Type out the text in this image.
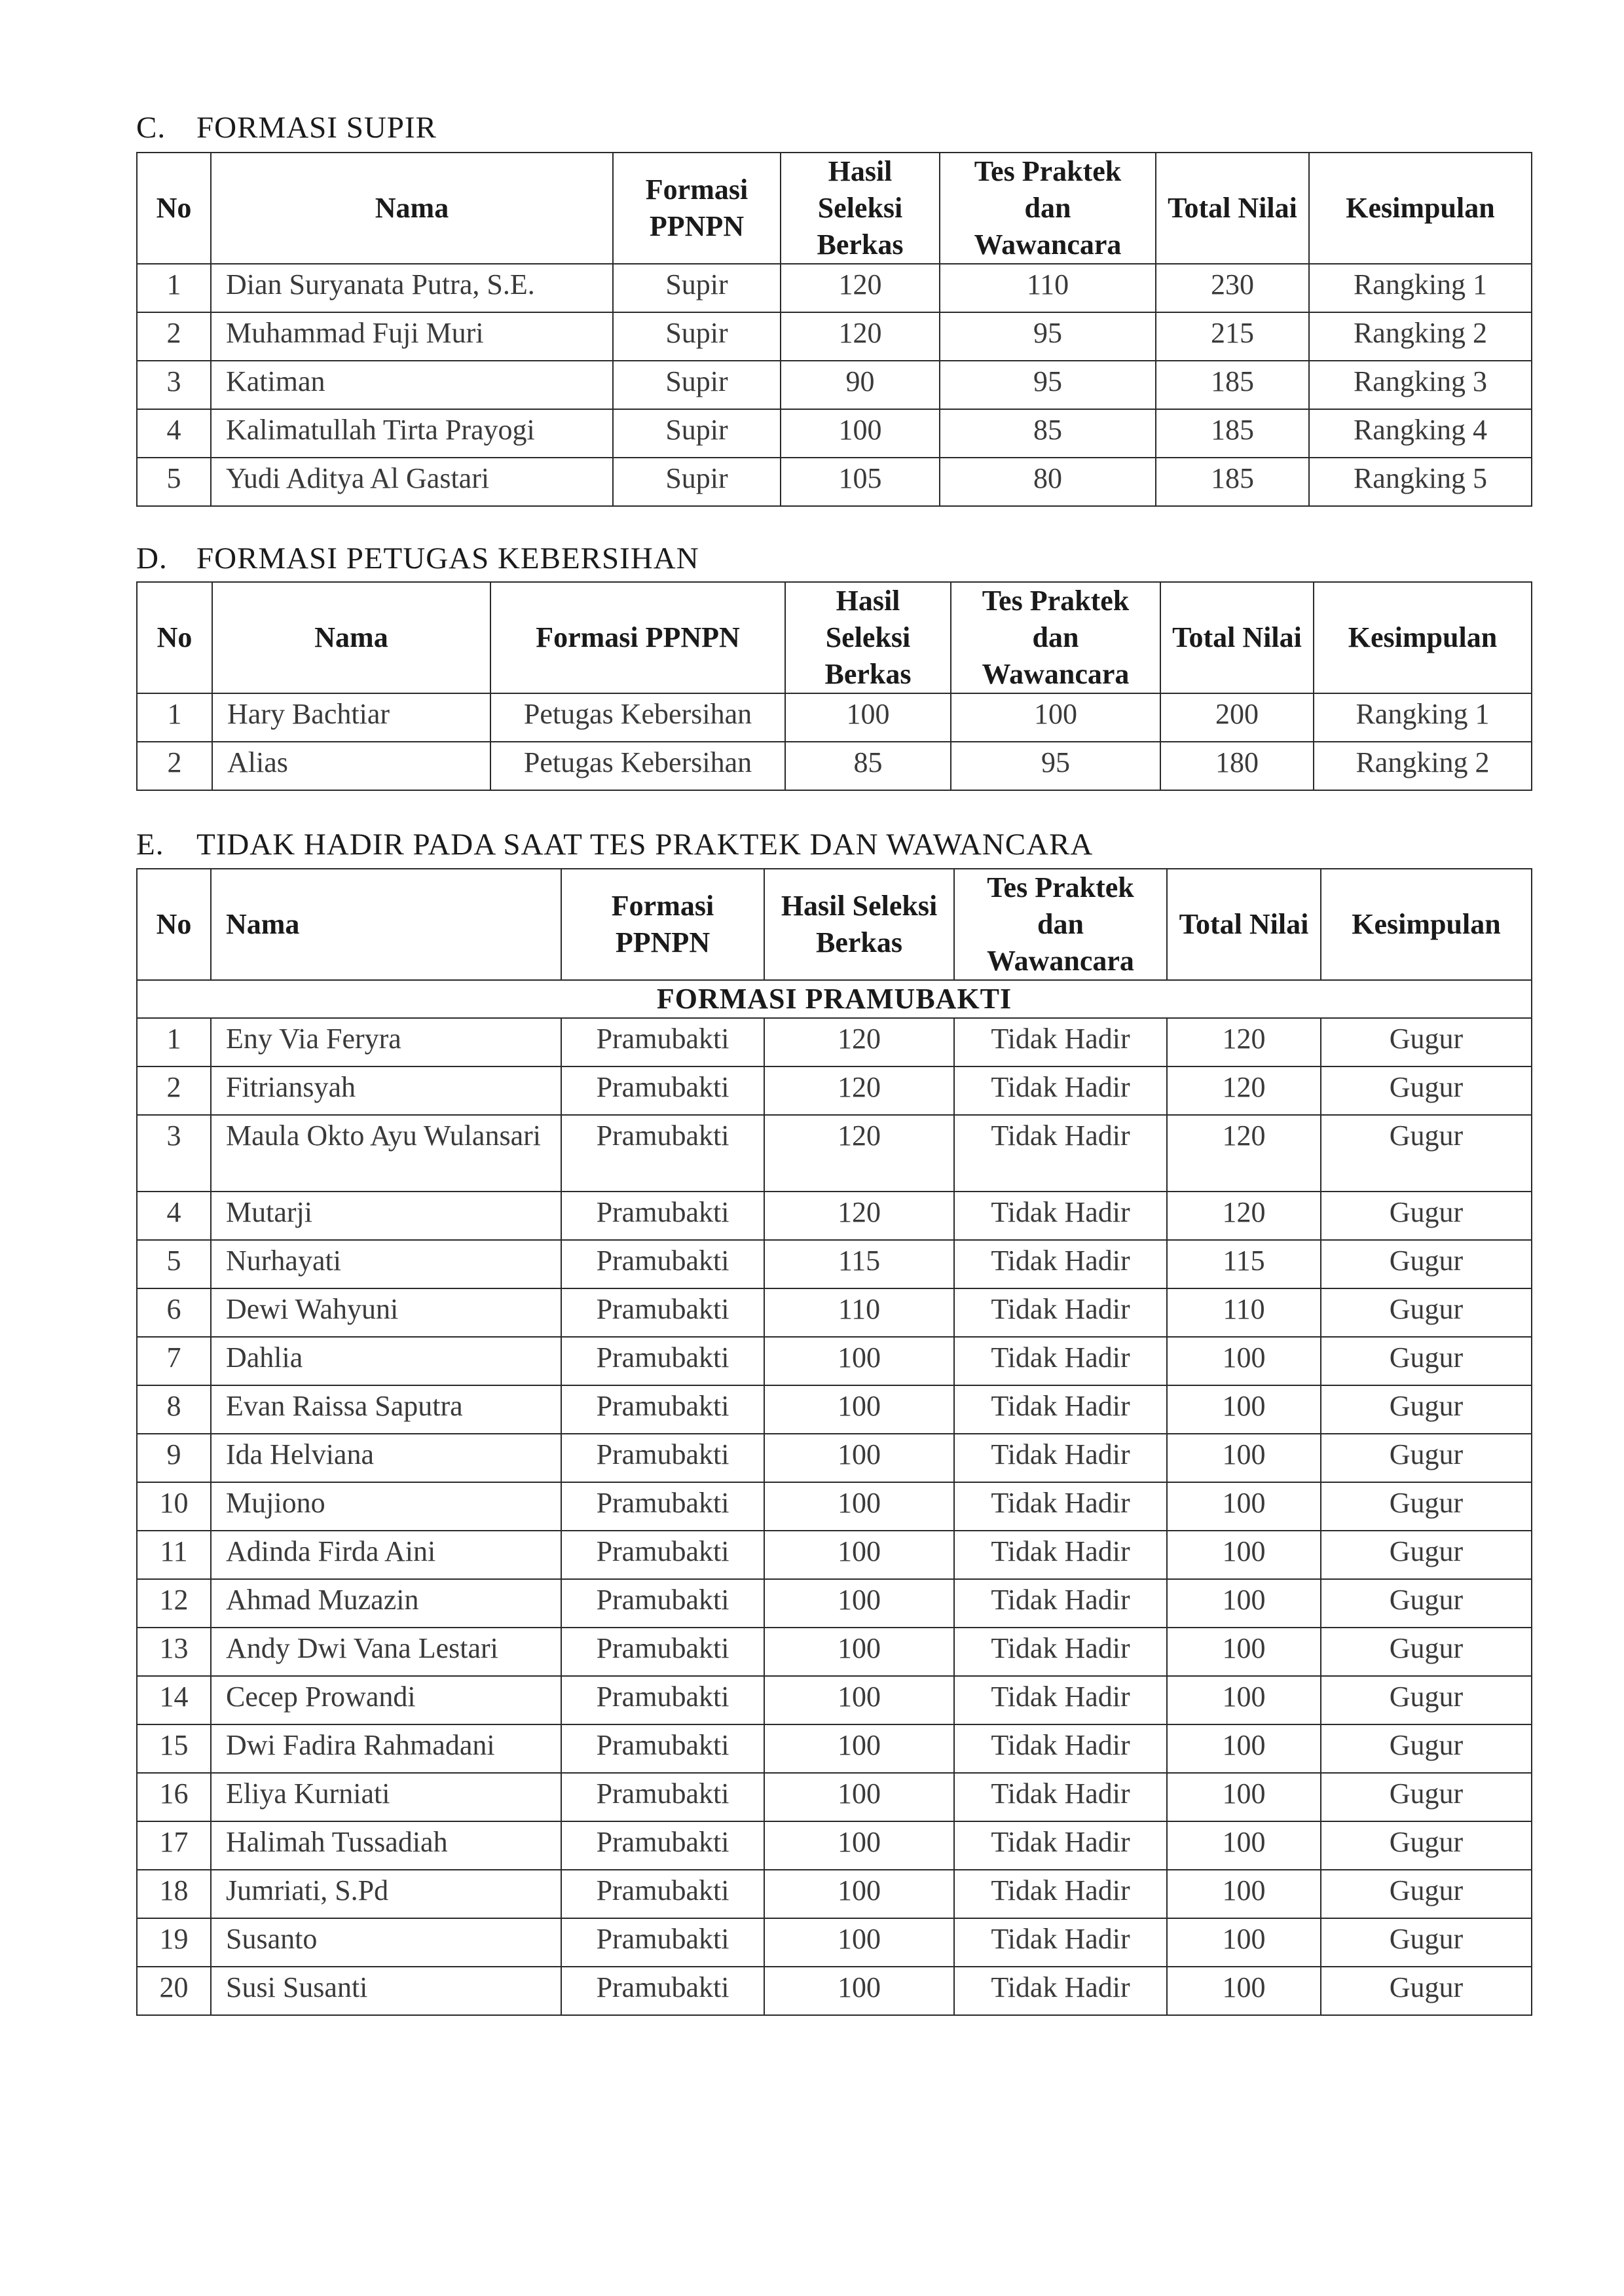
C. FORMASI SUPIR
No	Nama	Formasi PPNPN	Hasil Seleksi Berkas	Tes Praktek dan Wawancara	Total Nilai	Kesimpulan
1	Dian Suryanata Putra, S.E.	Supir	120	110	230	Rangking 1
2	Muhammad Fuji Muri	Supir	120	95	215	Rangking 2
3	Katiman	Supir	90	95	185	Rangking 3
4	Kalimatullah Tirta Prayogi	Supir	100	85	185	Rangking 4
5	Yudi Aditya Al Gastari	Supir	105	80	185	Rangking 5
D. FORMASI PETUGAS KEBERSIHAN
No	Nama	Formasi PPNPN	Hasil Seleksi Berkas	Tes Praktek dan Wawancara	Total Nilai	Kesimpulan
1	Hary Bachtiar	Petugas Kebersihan	100	100	200	Rangking 1
2	Alias	Petugas Kebersihan	85	95	180	Rangking 2
E. TIDAK HADIR PADA SAAT TES PRAKTEK DAN WAWANCARA
No	Nama	Formasi PPNPN	Hasil Seleksi Berkas	Tes Praktek dan Wawancara	Total Nilai	Kesimpulan
FORMASI PRAMUBAKTI						
1	Eny Via Feryra	Pramubakti	120	Tidak Hadir	120	Gugur
2	Fitriansyah	Pramubakti	120	Tidak Hadir	120	Gugur
3	Maula Okto Ayu Wulansari	Pramubakti	120	Tidak Hadir	120	Gugur
4	Mutarji	Pramubakti	120	Tidak Hadir	120	Gugur
5	Nurhayati	Pramubakti	115	Tidak Hadir	115	Gugur
6	Dewi Wahyuni	Pramubakti	110	Tidak Hadir	110	Gugur
7	Dahlia	Pramubakti	100	Tidak Hadir	100	Gugur
8	Evan Raissa Saputra	Pramubakti	100	Tidak Hadir	100	Gugur
9	Ida Helviana	Pramubakti	100	Tidak Hadir	100	Gugur
10	Mujiono	Pramubakti	100	Tidak Hadir	100	Gugur
11	Adinda Firda Aini	Pramubakti	100	Tidak Hadir	100	Gugur
12	Ahmad Muzazin	Pramubakti	100	Tidak Hadir	100	Gugur
13	Andy Dwi Vana Lestari	Pramubakti	100	Tidak Hadir	100	Gugur
14	Cecep Prowandi	Pramubakti	100	Tidak Hadir	100	Gugur
15	Dwi Fadira Rahmadani	Pramubakti	100	Tidak Hadir	100	Gugur
16	Eliya Kurniati	Pramubakti	100	Tidak Hadir	100	Gugur
17	Halimah Tussadiah	Pramubakti	100	Tidak Hadir	100	Gugur
18	Jumriati, S.Pd	Pramubakti	100	Tidak Hadir	100	Gugur
19	Susanto	Pramubakti	100	Tidak Hadir	100	Gugur
20	Susi Susanti	Pramubakti	100	Tidak Hadir	100	Gugur
